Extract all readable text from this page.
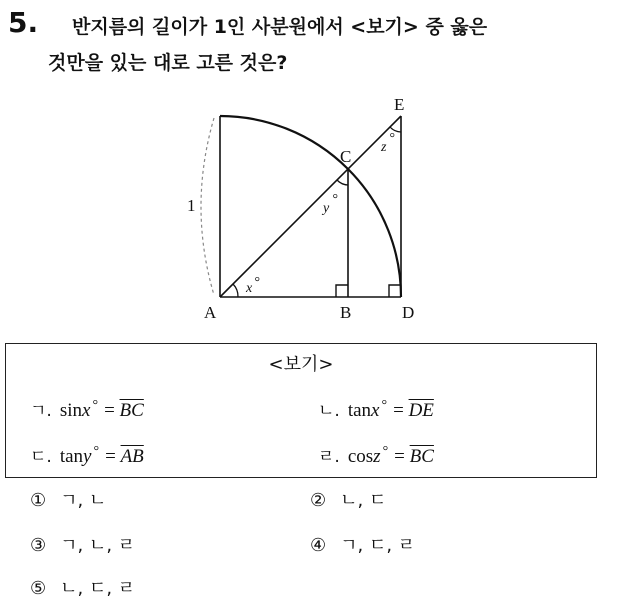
5. 반지름의 길이가 1인 사분원에서 <보기> 중 옳은
것만을 있는 대로 고른 것은?
A	B
C
D
E
1
x °
y
°
z
°
<보기>
ㄱ. sinx $^\circ = \overline{BC}$	ㄴ. tanx $^\circ = \overline{DE}$
ㄷ. tany $^\circ = \overline{AB}$	ㄹ. cosz $^\circ = \overline{BC}$
① ㄱ, ㄴ	② ㄴ, ㄷ
③ ㄱ, ㄴ, ㄹ	④ ㄱ, ㄷ, ㄹ
⑤ ㄴ, ㄷ, ㄹ
